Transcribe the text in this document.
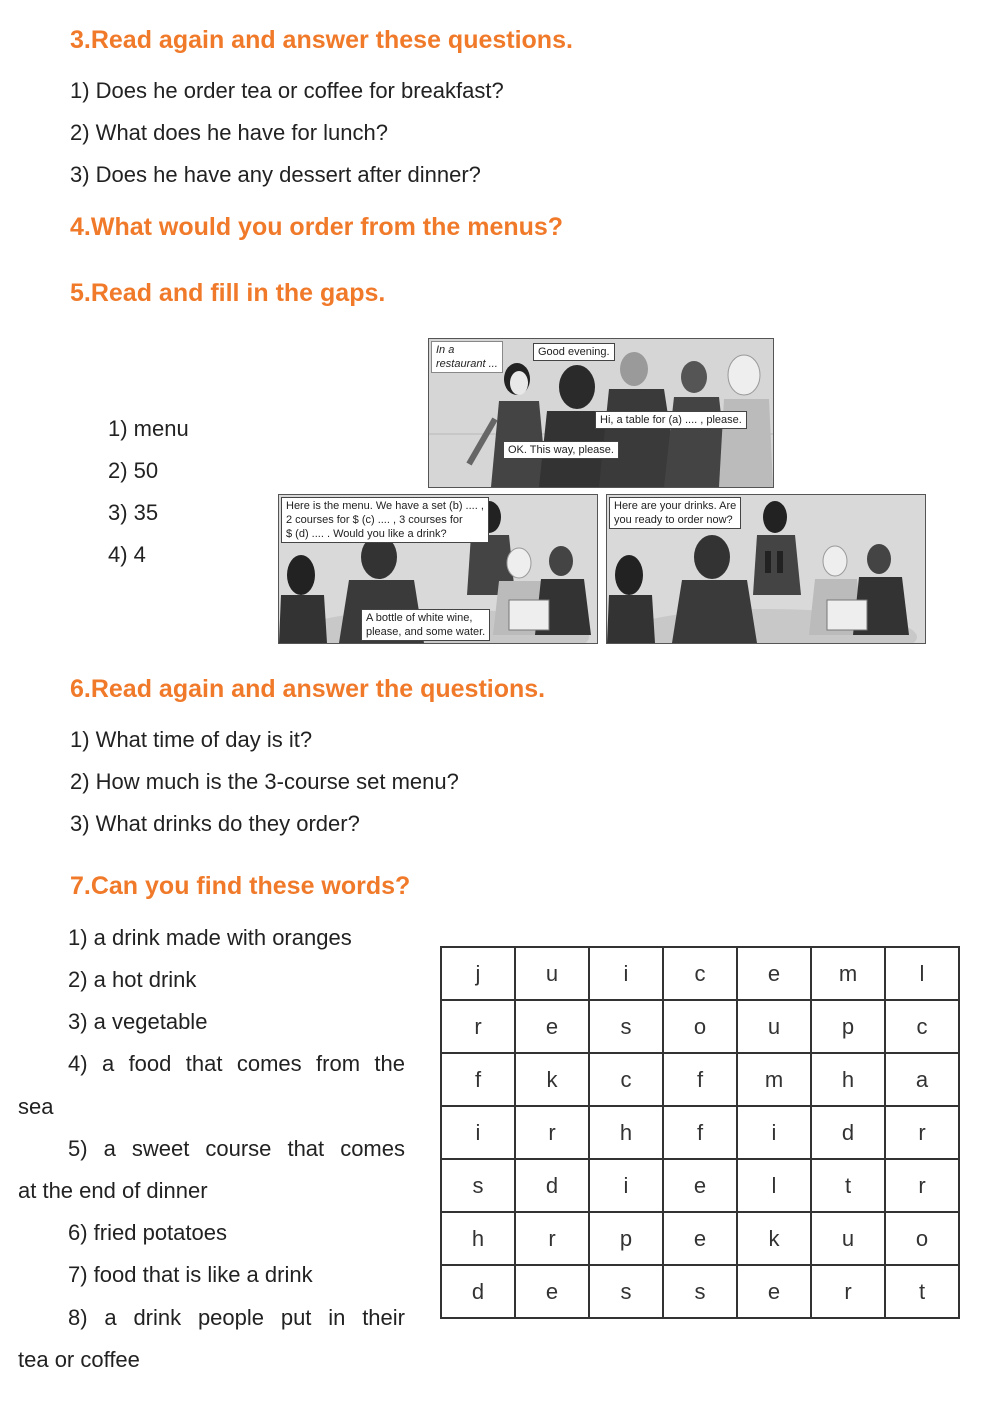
3.Read again and answer these questions.

1) Does he order tea or coffee for breakfast?

2) What does he have for lunch?

3) Does he have any dessert after dinner?

4.What would you order from the menus?
5.Read and fill in the gaps.

1) menu

2) 50

3) 35

4) 4

In a
restaurant ...
Good evening.
Hi, a table for (a) .... , please.
OK. This way, please.
Here is the menu. We have a set (b) .... ,
2 courses for $ (c) .... , 3 courses for
$ (d) .... . Would you like a drink?
A bottle of white wine,
please, and some water.
Here are your drinks. Are
you ready to order now?
6.Read again and answer the questions.

1) What time of day is it?

2) How much is the 3-course set menu?

3) What drinks do they order?

7.Can you find these words?

1) a drink made with oranges

2) a hot drink

3) a vegetable

4) a food that comes from the

sea

5) a sweet course that comes

at the end of dinner

6) fried potatoes

7) food that is like a drink

8) a drink people put in their

tea or coffee

j	u	i	c	e	m	l
r	e	s	o	u	p	c
f	k	c	f	m	h	a
i	r	h	f	i	d	r
s	d	i	e	l	t	r
h	r	p	e	k	u	o
d	e	s	s	e	r	t
